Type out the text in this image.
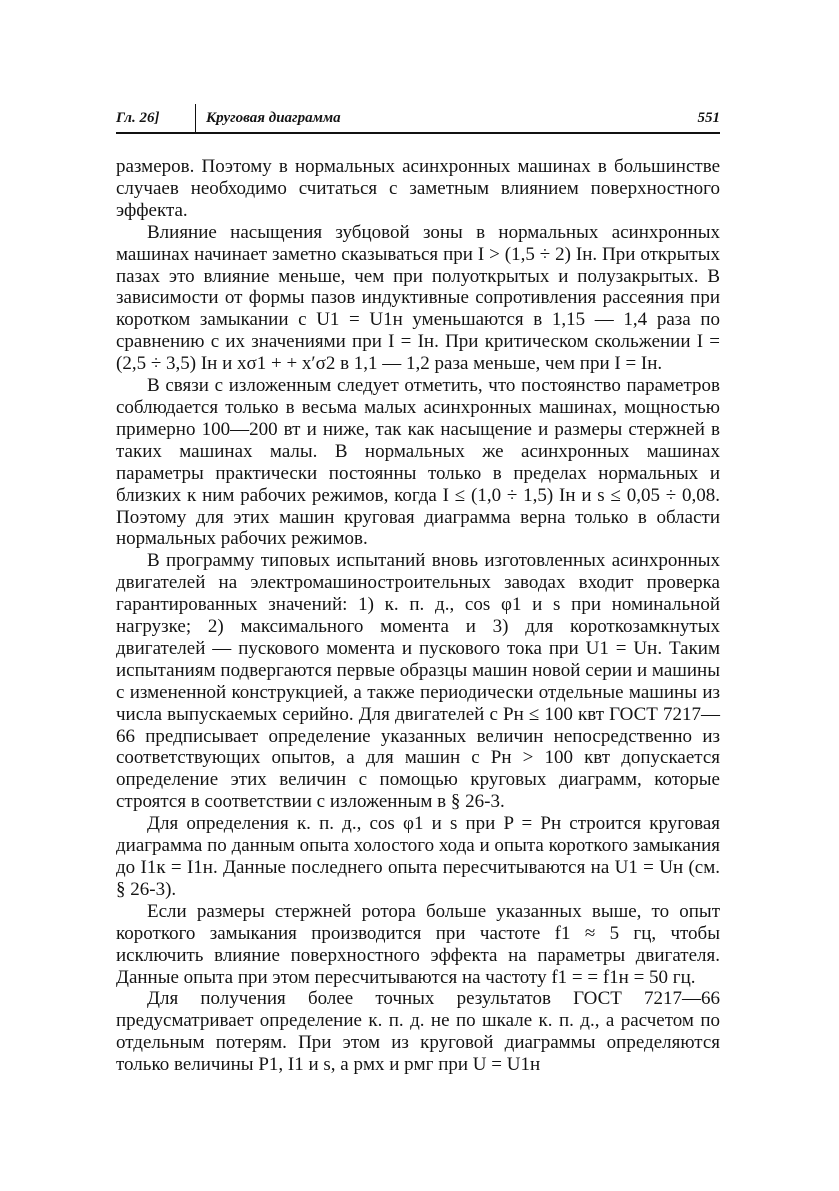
Гл. 26]	Круговая диаграмма	551

размеров. Поэтому в нормальных асинхронных машинах в большинстве случаев необходимо считаться с заметным влиянием поверхностного эффекта.

Влияние насыщения зубцовой зоны в нормальных асинхронных машинах начинает заметно сказываться при I > (1,5 ÷ 2) Iн. При открытых пазах это влияние меньше, чем при полуоткрытых и полузакрытых. В зависимости от формы пазов индуктивные сопротивления рассеяния при коротком замыкании с U1 = U1н уменьшаются в 1,15 — 1,4 раза по сравнению с их значениями при I = Iн. При критическом скольжении I = (2,5 ÷ 3,5) Iн и xσ1 + + x′σ2 в 1,1 — 1,2 раза меньше, чем при I = Iн.

В связи с изложенным следует отметить, что постоянство параметров соблюдается только в весьма малых асинхронных машинах, мощностью примерно 100—200 вт и ниже, так как насыщение и размеры стержней в таких машинах малы. В нормальных же асинхронных машинах параметры практически постоянны только в пределах нормальных и близких к ним рабочих режимов, когда I ≤ (1,0 ÷ 1,5) Iн и s ≤ 0,05 ÷ 0,08. Поэтому для этих машин круговая диаграмма верна только в области нормальных рабочих режимов.

В программу типовых испытаний вновь изготовленных асинхронных двигателей на электромашиностроительных заводах входит проверка гарантированных значений: 1) к. п. д., cos φ1 и s при номинальной нагрузке; 2) максимального момента и 3) для короткозамкнутых двигателей — пускового момента и пускового тока при U1 = Uн. Таким испытаниям подвергаются первые образцы машин новой серии и машины с измененной конструкцией, а также периодически отдельные машины из числа выпускаемых серийно. Для двигателей с Pн ≤ 100 квт ГОСТ 7217—66 предписывает определение указанных величин непосредственно из соответствующих опытов, а для машин с Pн > 100 квт допускается определение этих величин с помощью круговых диаграмм, которые строятся в соответствии с изложенным в § 26-3.

Для определения к. п. д., cos φ1 и s при P = Pн строится круговая диаграмма по данным опыта холостого хода и опыта короткого замыкания до I1к = I1н. Данные последнего опыта пересчитываются на U1 = Uн (см. § 26-3).

Если размеры стержней ротора больше указанных выше, то опыт короткого замыкания производится при частоте f1 ≈ 5 гц, чтобы исключить влияние поверхностного эффекта на параметры двигателя. Данные опыта при этом пересчитываются на частоту f1 = = f1н = 50 гц.

Для получения более точных результатов ГОСТ 7217—66 предусматривает определение к. п. д. не по шкале к. п. д., а расчетом по отдельным потерям. При этом из круговой диаграммы определяются только величины P1, I1 и s, а pмх и pмг при U = U1н
